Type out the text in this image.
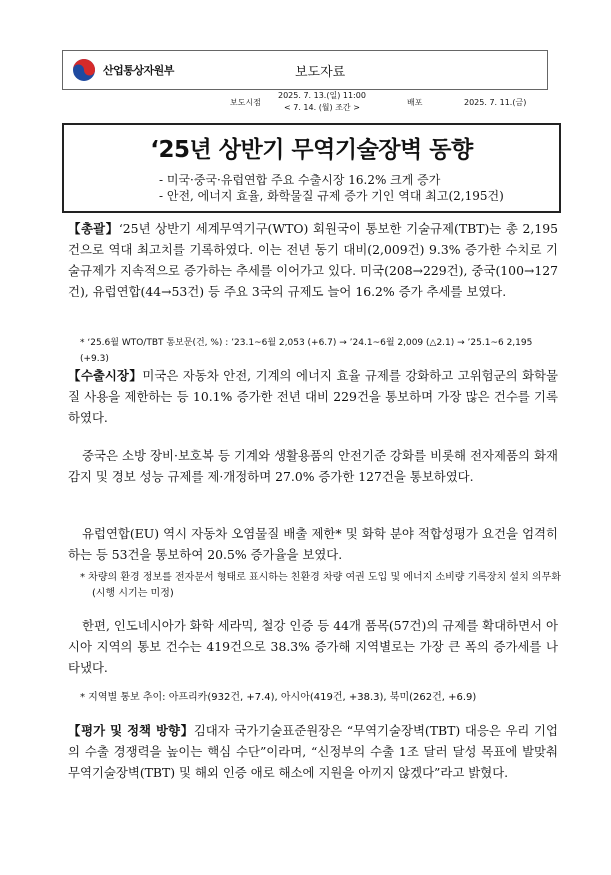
산업통상자원부	보도자료
보도시점
2025. 7. 13.(일) 11:00
< 7. 14. (월) 조간 >
배포	2025. 7. 11.(금)
‘25년 상반기 무역기술장벽 동향
- 미국·중국·유럽연합 주요 수출시장 16.2% 크게 증가
- 안전, 에너지 효율, 화학물질 규제 증가 기인 역대 최고(2,195건)
【총괄】‘25년 상반기 세계무역기구(WTO) 회원국이 통보한 기술규제(TBT)는 총 2,195건으로 역대 최고치를 기록하였다. 이는 전년 동기 대비(2,009건) 9.3% 증가한 수치로 기술규제가 지속적으로 증가하는 추세를 이어가고 있다. 미국(208→229건), 중국(100→127건), 유럽연합(44→53건) 등 주요 3국의 규제도 늘어 16.2% 증가 추세를 보였다.
* ‘25.6월 WTO/TBT 통보문(건, %) : ’23.1~6월 2,053 (+6.7) → ’24.1~6월 2,009 (△2.1) → ’25.1~6 2,195 (+9.3)
【수출시장】미국은 자동차 안전, 기계의 에너지 효율 규제를 강화하고 고위험군의 화학물질 사용을 제한하는 등 10.1% 증가한 전년 대비 229건을 통보하며 가장 많은 건수를 기록하였다.
중국은 소방 장비·보호복 등 기계와 생활용품의 안전기준 강화를 비롯해 전자제품의 화재 감지 및 경보 성능 규제를 제·개정하며 27.0% 증가한 127건을 통보하였다.
유럽연합(EU) 역시 자동차 오염물질 배출 제한* 및 화학 분야 적합성평가 요건을 엄격히 하는 등 53건을 통보하여 20.5% 증가율을 보였다.
* 차량의 환경 정보를 전자문서 형태로 표시하는 친환경 차량 여권 도입 및 에너지 소비량 기록장치 설치 의무화(시행 시기는 미정)
한편, 인도네시아가 화학 세라믹, 철강 인증 등 44개 품목(57건)의 규제를 확대하면서 아시아 지역의 통보 건수는 419건으로 38.3% 증가해 지역별로는 가장 큰 폭의 증가세를 나타냈다.
* 지역별 통보 추이: 아프리카(932건, +7.4), 아시아(419건, +38.3), 북미(262건, +6.9)
【평가 및 정책 방향】김대자 국가기술표준원장은 “무역기술장벽(TBT) 대응은 우리 기업의 수출 경쟁력을 높이는 핵심 수단”이라며, “신정부의 수출 1조 달러 달성 목표에 발맞춰 무역기술장벽(TBT) 및 해외 인증 애로 해소에 지원을 아끼지 않겠다”라고 밝혔다.
